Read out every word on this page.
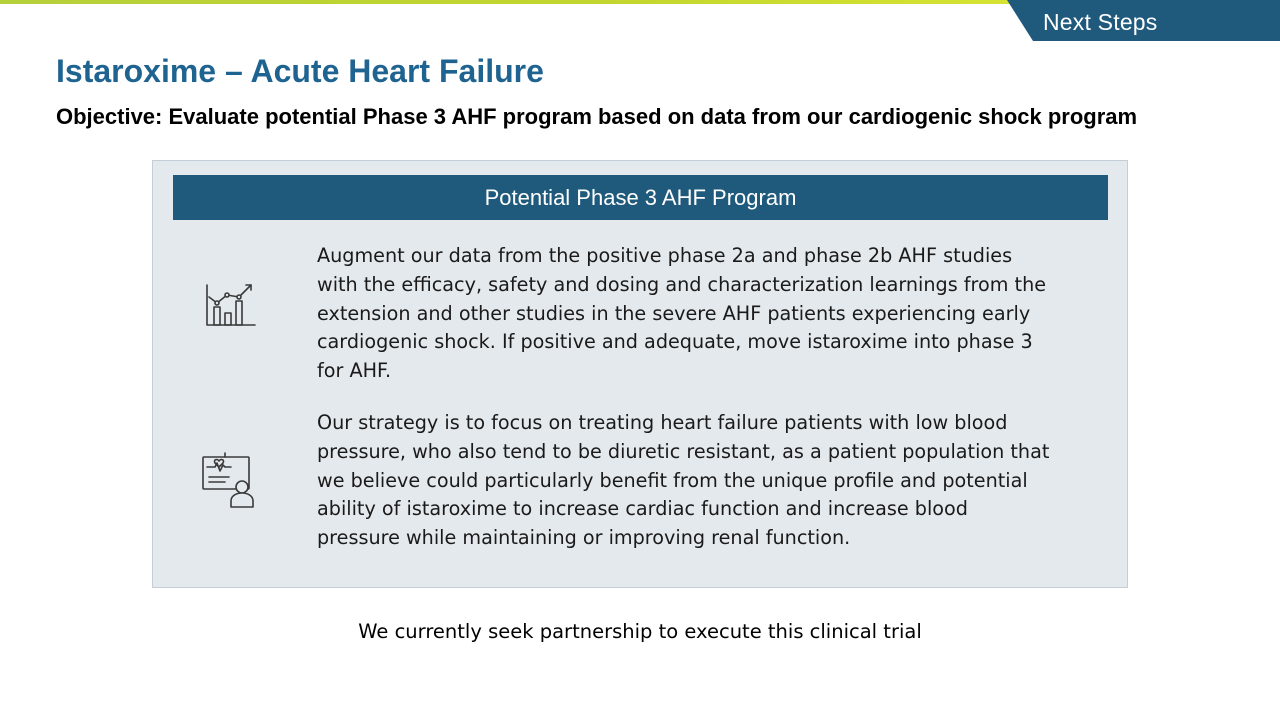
Next Steps
Istaroxime – Acute Heart Failure

Objective: Evaluate potential Phase 3 AHF program based on data from our cardiogenic shock program

Potential Phase 3 AHF Program

Augment our data from the positive phase 2a and phase 2b AHF studies with the efficacy, safety and dosing and characterization learnings from the extension and other studies in the severe AHF patients experiencing early cardiogenic shock. If positive and adequate, move istaroxime into phase 3 for AHF.

Our strategy is to focus on treating heart failure patients with low blood pressure, who also tend to be diuretic resistant, as a patient population that we believe could particularly benefit from the unique profile and potential ability of istaroxime to increase cardiac function and increase blood pressure while maintaining or improving renal function.

We currently seek partnership to execute this clinical trial
